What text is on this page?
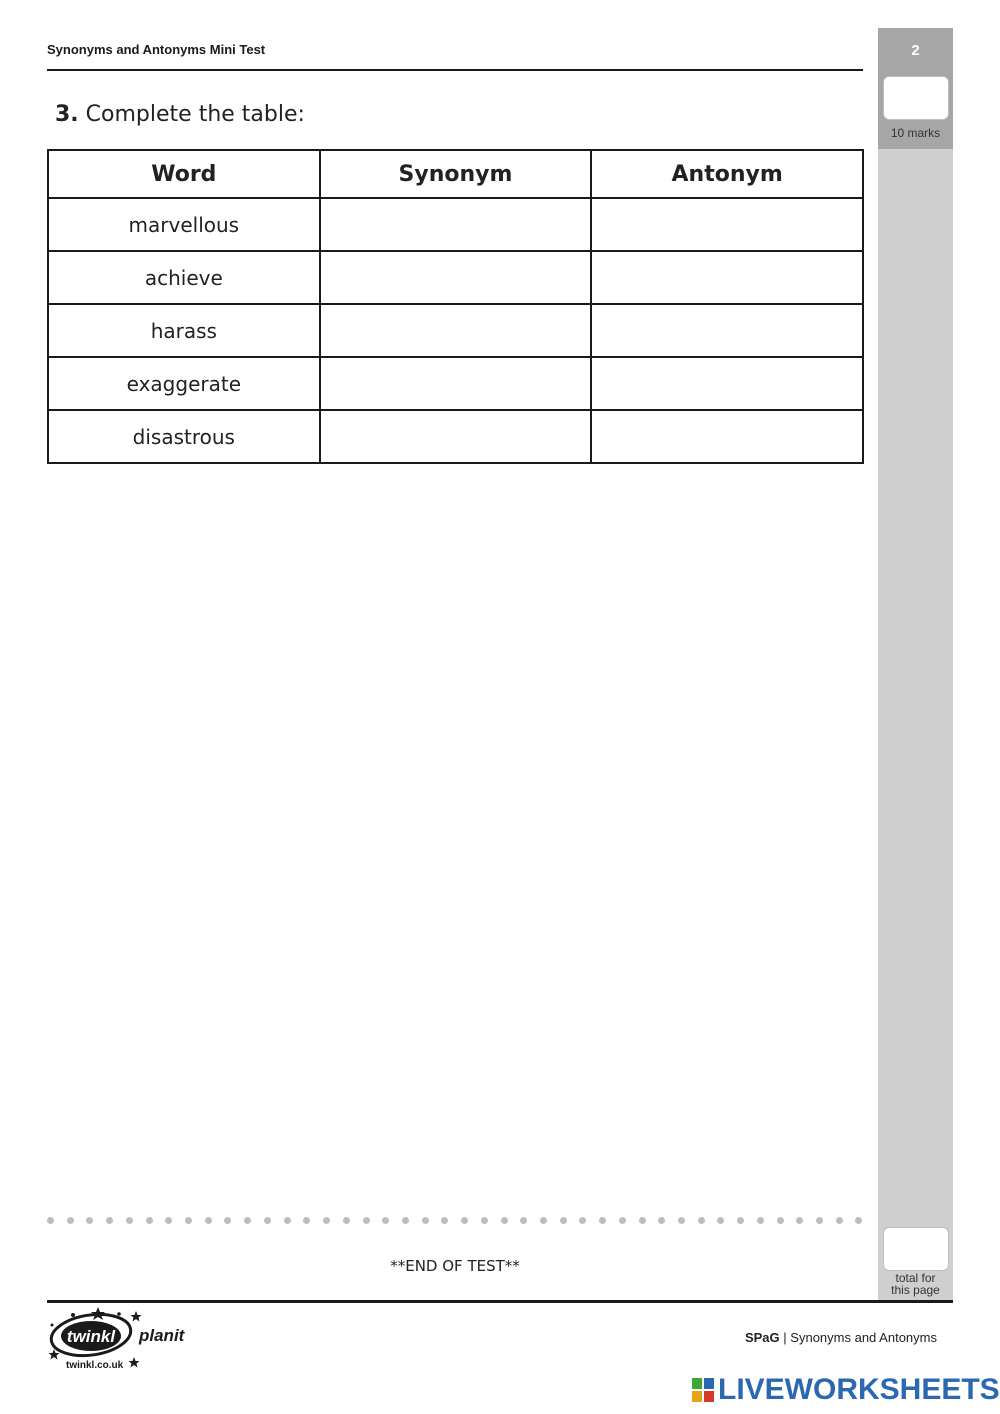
Synonyms and Antonyms Mini Test	2
10 marks
total for
this page
3. Complete the table:
Word	Synonym	Antonym
marvellous		
achieve		
harass		
exaggerate		
disastrous		
**END OF TEST**
twinkl planit
twinkl.co.uk
SPaG | Synonyms and Antonyms
LIVEWORKSHEETS
